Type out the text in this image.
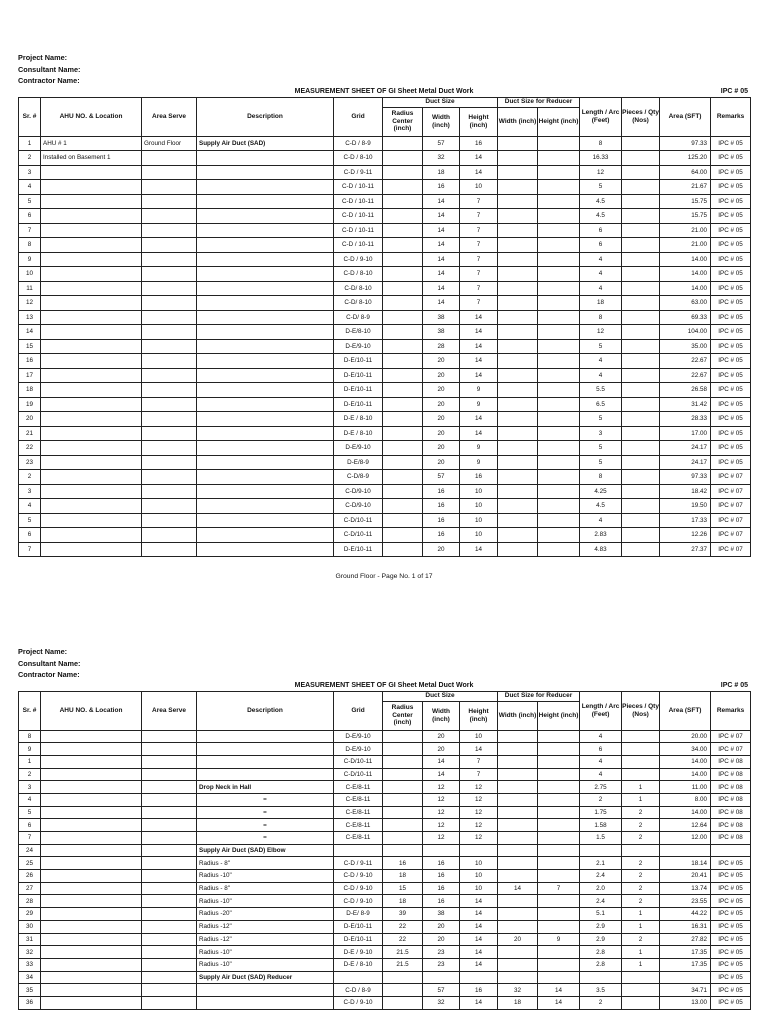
Project Name:
Consultant Name:
Contractor Name:
MEASUREMENT SHEET OF GI Sheet Metal Duct Work	IPC # 05
Sr. #	AHU NO. & Location	Area Serve	Description	Grid	Duct Size			Duct Size for Reducer		Length / Arc (Feet)	Pieces / Qty (Nos)	Area (SFT)	Remarks
					Radius Center (inch)	Width (inch)	Height (inch)	Width (inch)	Height (inch)				
1	AHU # 1	Ground Floor	Supply Air Duct (SAD)	C-D / 8-9		57	16			8		97.33	IPC # 05
2	Installed on Basement 1			C-D / 8-10		32	14			16.33		125.20	IPC # 05
3				C-D / 9-11		18	14			12		64.00	IPC # 05
4				C-D / 10-11		16	10			5		21.67	IPC # 05
5				C-D / 10-11		14	7			4.5		15.75	IPC # 05
6				C-D / 10-11		14	7			4.5		15.75	IPC # 05
7				C-D / 10-11		14	7			6		21.00	IPC # 05
8				C-D / 10-11		14	7			6		21.00	IPC # 05
9				C-D / 9-10		14	7			4		14.00	IPC # 05
10				C-D / 8-10		14	7			4		14.00	IPC # 05
11				C-D/ 8-10		14	7			4		14.00	IPC # 05
12				C-D/ 8-10		14	7			18		63.00	IPC # 05
13				C-D/ 8-9		38	14			8		69.33	IPC # 05
14				D-E/8-10		38	14			12		104.00	IPC # 05
15				D-E/9-10		28	14			5		35.00	IPC # 05
16				D-E/10-11		20	14			4		22.67	IPC # 05
17				D-E/10-11		20	14			4		22.67	IPC # 05
18				D-E/10-11		20	9			5.5		26.58	IPC # 05
19				D-E/10-11		20	9			6.5		31.42	IPC # 05
20				D-E / 8-10		20	14			5		28.33	IPC # 05
21				D-E / 8-10		20	14			3		17.00	IPC # 05
22				D-E/9-10		20	9			5		24.17	IPC # 05
23				D-E/8-9		20	9			5		24.17	IPC # 05
2				C-D/8-9		57	16			8		97.33	IPC # 07
3				C-D/9-10		16	10			4.25		18.42	IPC # 07
4				C-D/9-10		16	10			4.5		19.50	IPC # 07
5				C-D/10-11		16	10			4		17.33	IPC # 07
6				C-D/10-11		16	10			2.83		12.26	IPC # 07
7				D-E/10-11		20	14			4.83		27.37	IPC # 07
Ground Floor - Page No. 1 of 17
Project Name:
Consultant Name:
Contractor Name:
MEASUREMENT SHEET OF GI Sheet Metal Duct Work	IPC # 05
Sr. #	AHU NO. & Location	Area Serve	Description	Grid	Duct Size			Duct Size for Reducer		Length / Arc (Feet)	Pieces / Qty (Nos)	Area (SFT)	Remarks
					Radius Center (inch)	Width (inch)	Height (inch)	Width (inch)	Height (inch)				
8				D-E/9-10		20	10			4		20.00	IPC # 07
9				D-E/9-10		20	14			6		34.00	IPC # 07
1				C-D/10-11		14	7			4		14.00	IPC # 08
2				C-D/10-11		14	7			4		14.00	IPC # 08
3			Drop Neck in Hall	C-E/8-11		12	12			2.75	1	11.00	IPC # 08
4			=	C-E/8-11		12	12			2	1	8.00	IPC # 08
5			=	C-E/8-11		12	12			1.75	2	14.00	IPC # 08
6			=	C-E/8-11		12	12			1.58	2	12.64	IPC # 08
7			=	C-E/8-11		12	12			1.5	2	12.00	IPC # 08
24			Supply Air Duct (SAD) Elbow										
25			Radius - 8"	C-D / 9-11	16	16	10			2.1	2	18.14	IPC # 05
26			Radius -10"	C-D / 9-10	18	16	10			2.4	2	20.41	IPC # 05
27			Radius - 8"	C-D / 9-10	15	16	10	14	7	2.0	2	13.74	IPC # 05
28			Radius -10"	C-D / 9-10	18	16	14			2.4	2	23.55	IPC # 05
29			Radius -20"	D-E/ 8-9	39	38	14			5.1	1	44.22	IPC # 05
30			Radius -12"	D-E/10-11	22	20	14			2.9	1	16.31	IPC # 05
31			Radius -12"	D-E/10-11	22	20	14	20	9	2.9	2	27.82	IPC # 05
32			Radius -10"	D-E / 9-10	21.5	23	14			2.8	1	17.35	IPC # 05
33			Radius -10"	D-E / 8-10	21.5	23	14			2.8	1	17.35	IPC # 05
34			Supply Air Duct (SAD) Reducer										IPC # 05
35				C-D / 8-9		57	16	32	14	3.5		34.71	IPC # 05
36				C-D / 9-10		32	14	18	14	2		13.00	IPC # 05
